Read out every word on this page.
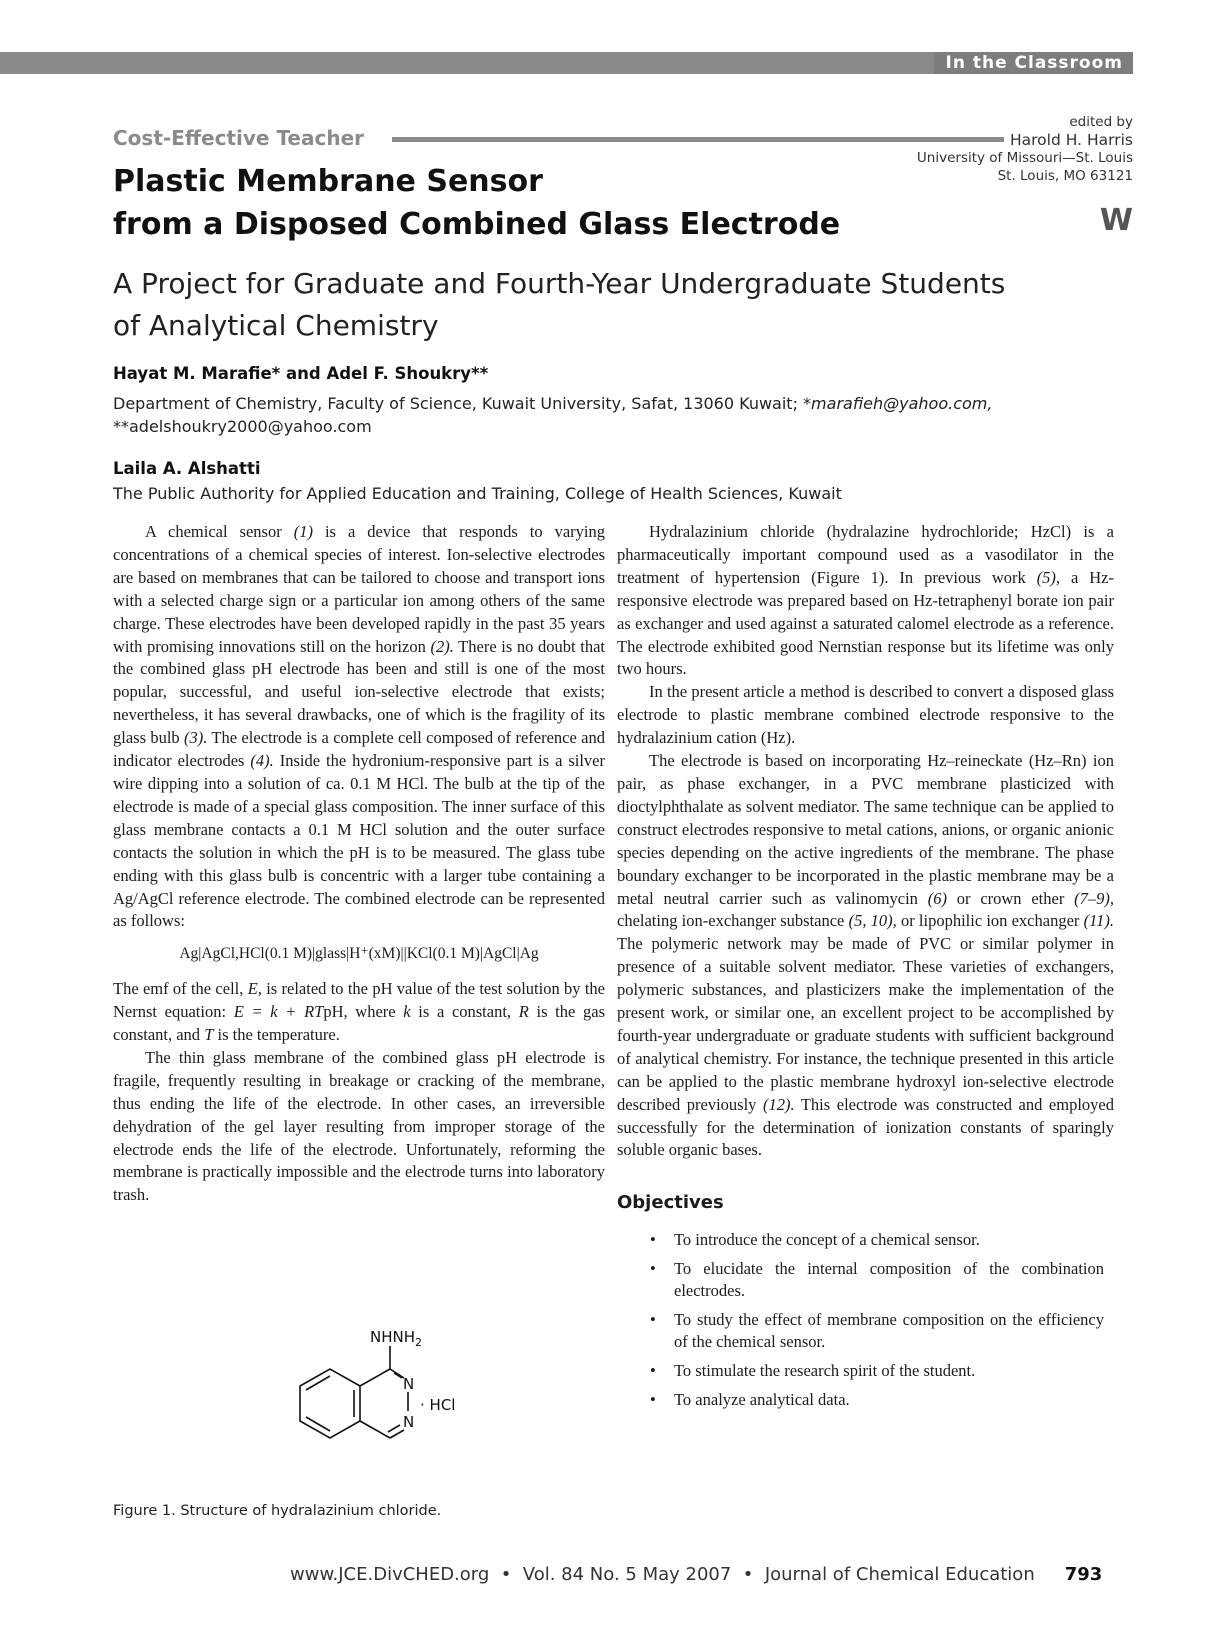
In the Classroom
Cost-Effective Teacher
edited by
Harold H. Harris
University of Missouri—St. Louis
St. Louis, MO 63121
W
Plastic Membrane Sensor
from a Disposed Combined Glass Electrode
A Project for Graduate and Fourth-Year Undergraduate Students
of Analytical Chemistry
Hayat M. Marafie* and Adel F. Shoukry**
Department of Chemistry, Faculty of Science, Kuwait University, Safat, 13060 Kuwait; *marafieh@yahoo.com,
**adelshoukry2000@yahoo.com
Laila A. Alshatti
The Public Authority for Applied Education and Training, College of Health Sciences, Kuwait

A chemical sensor (1) is a device that responds to varying concentrations of a chemical species of interest. Ion-selective electrodes are based on membranes that can be tailored to choose and transport ions with a selected charge sign or a particular ion among others of the same charge. These electrodes have been developed rapidly in the past 35 years with promising innovations still on the horizon (2). There is no doubt that the combined glass pH electrode has been and still is one of the most popular, successful, and useful ion-selective electrode that exists; nevertheless, it has several drawbacks, one of which is the fragility of its glass bulb (3). The electrode is a complete cell composed of reference and indicator electrodes (4). Inside the hydronium-responsive part is a silver wire dipping into a solution of ca. 0.1 M HCl. The bulb at the tip of the electrode is made of a special glass composition. The inner surface of this glass membrane contacts a 0.1 M HCl solution and the outer surface contacts the solution in which the pH is to be measured. The glass tube ending with this glass bulb is concentric with a larger tube containing a Ag/AgCl reference electrode. The combined electrode can be represented as follows:

Ag|AgCl,HCl(0.1 M)|glass|H⁺(xM)||KCl(0.1 M)|AgCl|Ag

The emf of the cell, E, is related to the pH value of the test solution by the Nernst equation: E = k + RTpH, where k is a constant, R is the gas constant, and T is the temperature.

The thin glass membrane of the combined glass pH electrode is fragile, frequently resulting in breakage or cracking of the membrane, thus ending the life of the electrode. In other cases, an irreversible dehydration of the gel layer resulting from improper storage of the electrode ends the life of the electrode. Unfortunately, reforming the membrane is practically impossible and the electrode turns into laboratory trash.

$NHNH_2$
N
N
· HCl
Figure 1. Structure of hydralazinium chloride.

Hydralazinium chloride (hydralazine hydrochloride; HzCl) is a pharmaceutically important compound used as a vasodilator in the treatment of hypertension (Figure 1). In previous work (5), a Hz-responsive electrode was prepared based on Hz-tetraphenyl borate ion pair as exchanger and used against a saturated calomel electrode as a reference. The electrode exhibited good Nernstian response but its lifetime was only two hours.

In the present article a method is described to convert a disposed glass electrode to plastic membrane combined electrode responsive to the hydralazinium cation (Hz).

The electrode is based on incorporating Hz–reineckate (Hz–Rn) ion pair, as phase exchanger, in a PVC membrane plasticized with dioctylphthalate as solvent mediator. The same technique can be applied to construct electrodes responsive to metal cations, anions, or organic anionic species depending on the active ingredients of the membrane. The phase boundary exchanger to be incorporated in the plastic membrane may be a metal neutral carrier such as valinomycin (6) or crown ether (7–9), chelating ion-exchanger substance (5, 10), or lipophilic ion exchanger (11). The polymeric network may be made of PVC or similar polymer in presence of a suitable solvent mediator. These varieties of exchangers, polymeric substances, and plasticizers make the implementation of the present work, or similar one, an excellent project to be accomplished by fourth-year undergraduate or graduate students with sufficient background of analytical chemistry. For instance, the technique presented in this article can be applied to the plastic membrane hydroxyl ion-selective electrode described previously (12). This electrode was constructed and employed successfully for the determination of ionization constants of sparingly soluble organic bases.

Objectives
• To introduce the concept of a chemical sensor.
• To elucidate the internal composition of the combination electrodes.
• To study the effect of membrane composition on the efficiency of the chemical sensor.
• To stimulate the research spirit of the student.
• To analyze analytical data.
www.JCE.DivCHED.org  •  Vol. 84 No. 5 May 2007  •  Journal of Chemical Education 793
